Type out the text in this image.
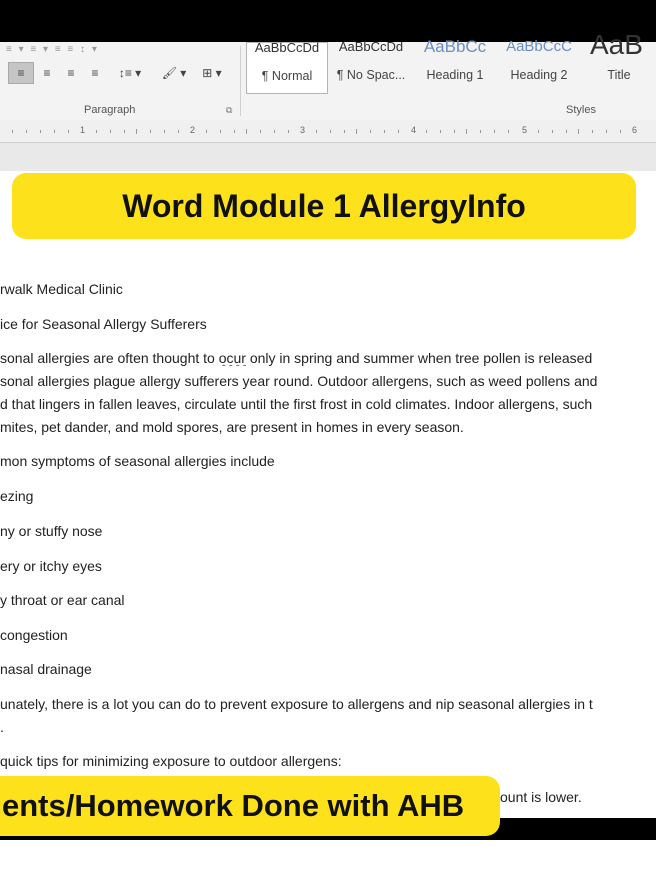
≡ ▾ ≡ ▾ ≡ ≡ ↕ ▾
≡ ≡ ≡ ≡ ↕≡ ▾ 🖌 ▾ ⊞ ▾
Paragraph	⧉
AaBbCcDd
¶ Normal
AaBbCcDd
¶ No Spac...
AaBbCc
Heading 1
AaBbCcC
Heading 2
AaB
Title
Styles
1	2	3	4	5	6
rwalk Medical Clinic
ice for Seasonal Allergy Sufferers
sonal allergies are often thought to ocur only in spring and summer when tree pollen is released
sonal allergies plague allergy sufferers year round. Outdoor allergens, such as weed pollens and
d that lingers in fallen leaves, circulate until the first frost in cold climates. Indoor allergens, such
mites, pet dander, and mold spores, are present in homes in every season.
mon symptoms of seasonal allergies include
ezing
ny or stuffy nose
ery or itchy eyes
y throat or ear canal
congestion
nasal drainage
unately, there is a lot you can do to prevent exposure to allergens and nip seasonal allergies in t
.
quick tips for minimizing exposure to outdoor allergens:
ount is lower.
Word Module 1 AllergyInfo
ents/Homework Done with AHB
